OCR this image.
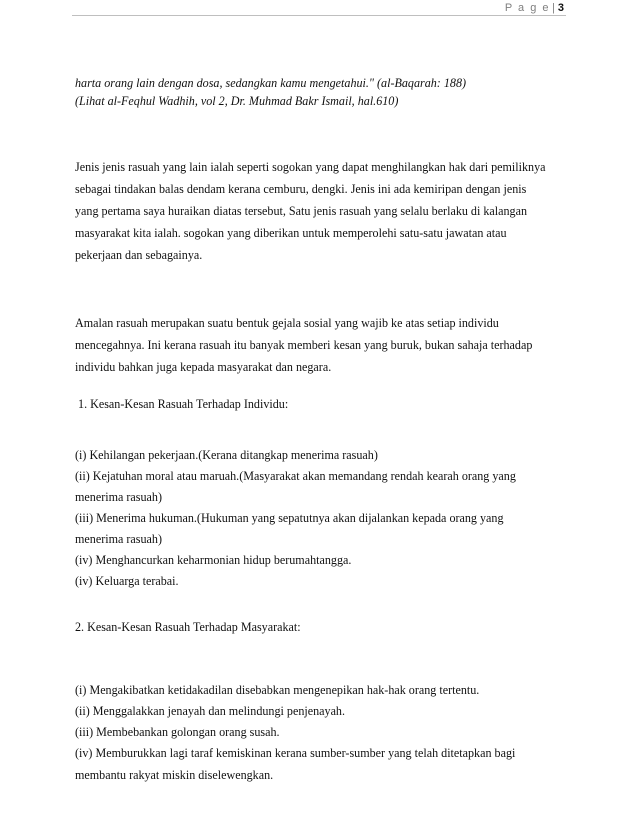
P a g e | 3
harta orang lain dengan dosa, sedangkan kamu mengetahui." (al-Baqarah: 188)
(Lihat al-Feqhul Wadhih, vol 2, Dr. Muhmad Bakr Ismail, hal.610)
Jenis jenis rasuah yang lain ialah seperti sogokan yang dapat menghilangkan hak dari pemiliknya
sebagai tindakan balas dendam kerana cemburu, dengki. Jenis ini ada kemiripan dengan jenis
yang pertama saya huraikan diatas tersebut, Satu jenis rasuah yang selalu berlaku di kalangan
masyarakat kita ialah. sogokan yang diberikan untuk memperolehi satu-satu jawatan atau
pekerjaan dan sebagainya.
Amalan rasuah merupakan suatu bentuk gejala sosial yang wajib ke atas setiap individu
mencegahnya. Ini kerana rasuah itu banyak memberi kesan yang buruk, bukan sahaja terhadap
individu bahkan juga kepada masyarakat dan negara.
1. Kesan-Kesan Rasuah Terhadap Individu:
(i) Kehilangan pekerjaan.(Kerana ditangkap menerima rasuah)
(ii) Kejatuhan moral atau maruah.(Masyarakat akan memandang rendah kearah orang yang
menerima rasuah)
(iii) Menerima hukuman.(Hukuman yang sepatutnya akan dijalankan kepada orang yang
menerima rasuah)
(iv) Menghancurkan keharmonian hidup berumahtangga.
(iv) Keluarga terabai.
2. Kesan-Kesan Rasuah Terhadap Masyarakat:
(i) Mengakibatkan ketidakadilan disebabkan mengenepikan hak-hak orang tertentu.
(ii) Menggalakkan jenayah dan melindungi penjenayah.
(iii) Membebankan golongan orang susah.
(iv) Memburukkan lagi taraf kemiskinan kerana sumber-sumber yang telah ditetapkan bagi
membantu rakyat miskin diselewengkan.
